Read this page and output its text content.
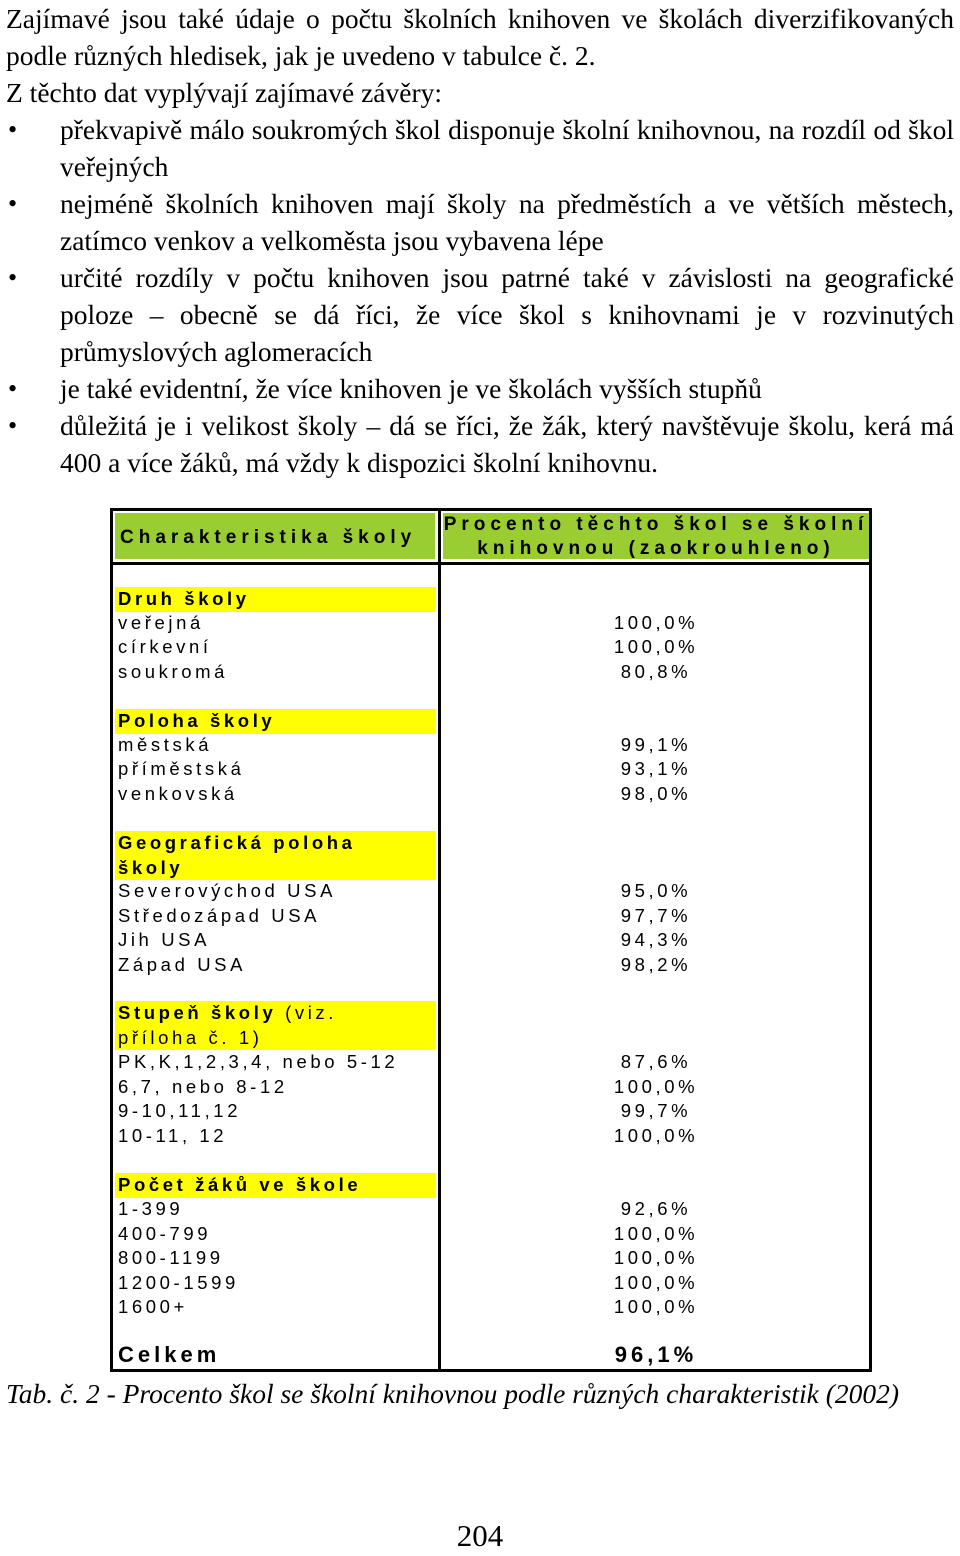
Zajímavé jsou také údaje o počtu školních knihoven ve školách diverzifikovaných podle různých hledisek, jak je uvedeno v tabulce č. 2.

Z těchto dat vyplývají zajímavé závěry:

• překvapivě málo soukromých škol disponuje školní knihovnou, na rozdíl od škol veřejných
• nejméně školních knihoven mají školy na předměstích a ve větších městech, zatímco venkov a velkoměsta jsou vybavena lépe
• určité rozdíly v počtu knihoven jsou patrné také v závislosti na geografické poloze – obecně se dá říci, že více škol s knihovnami je v rozvinutých průmyslových aglomeracích
• je také evidentní, že více knihoven je ve školách vyšších stupňů
• důležitá je i velikost školy – dá se říci, že žák, který navštěvuje školu, kerá má 400 a více žáků, má vždy k dispozici školní knihovnu.
Charakteristika školy
Procento těchto škol se školní
knihovnou (zaokrouhleno)
Druh školy
veřejná	100,0%
církevní	100,0%
soukromá	80,8%
Poloha školy
městská	99,1%
příměstská	93,1%
venkovská	98,0%
Geografická poloha
školy
Severovýchod USA	95,0%
Středozápad USA	97,7%
Jih USA	94,3%
Západ USA	98,2%
Stupeň školy (viz.
příloha č. 1)
PK,K,1,2,3,4, nebo 5-12	87,6%
6,7, nebo 8-12	100,0%
9-10,11,12	99,7%
10-11, 12	100,0%
Počet žáků ve škole
1-399	92,6%
400-799	100,0%
800-1199	100,0%
1200-1599	100,0%
1600+	100,0%
Celkem	96,1%
Tab. č. 2 - Procento škol se školní knihovnou podle různých charakteristik (2002)
204
